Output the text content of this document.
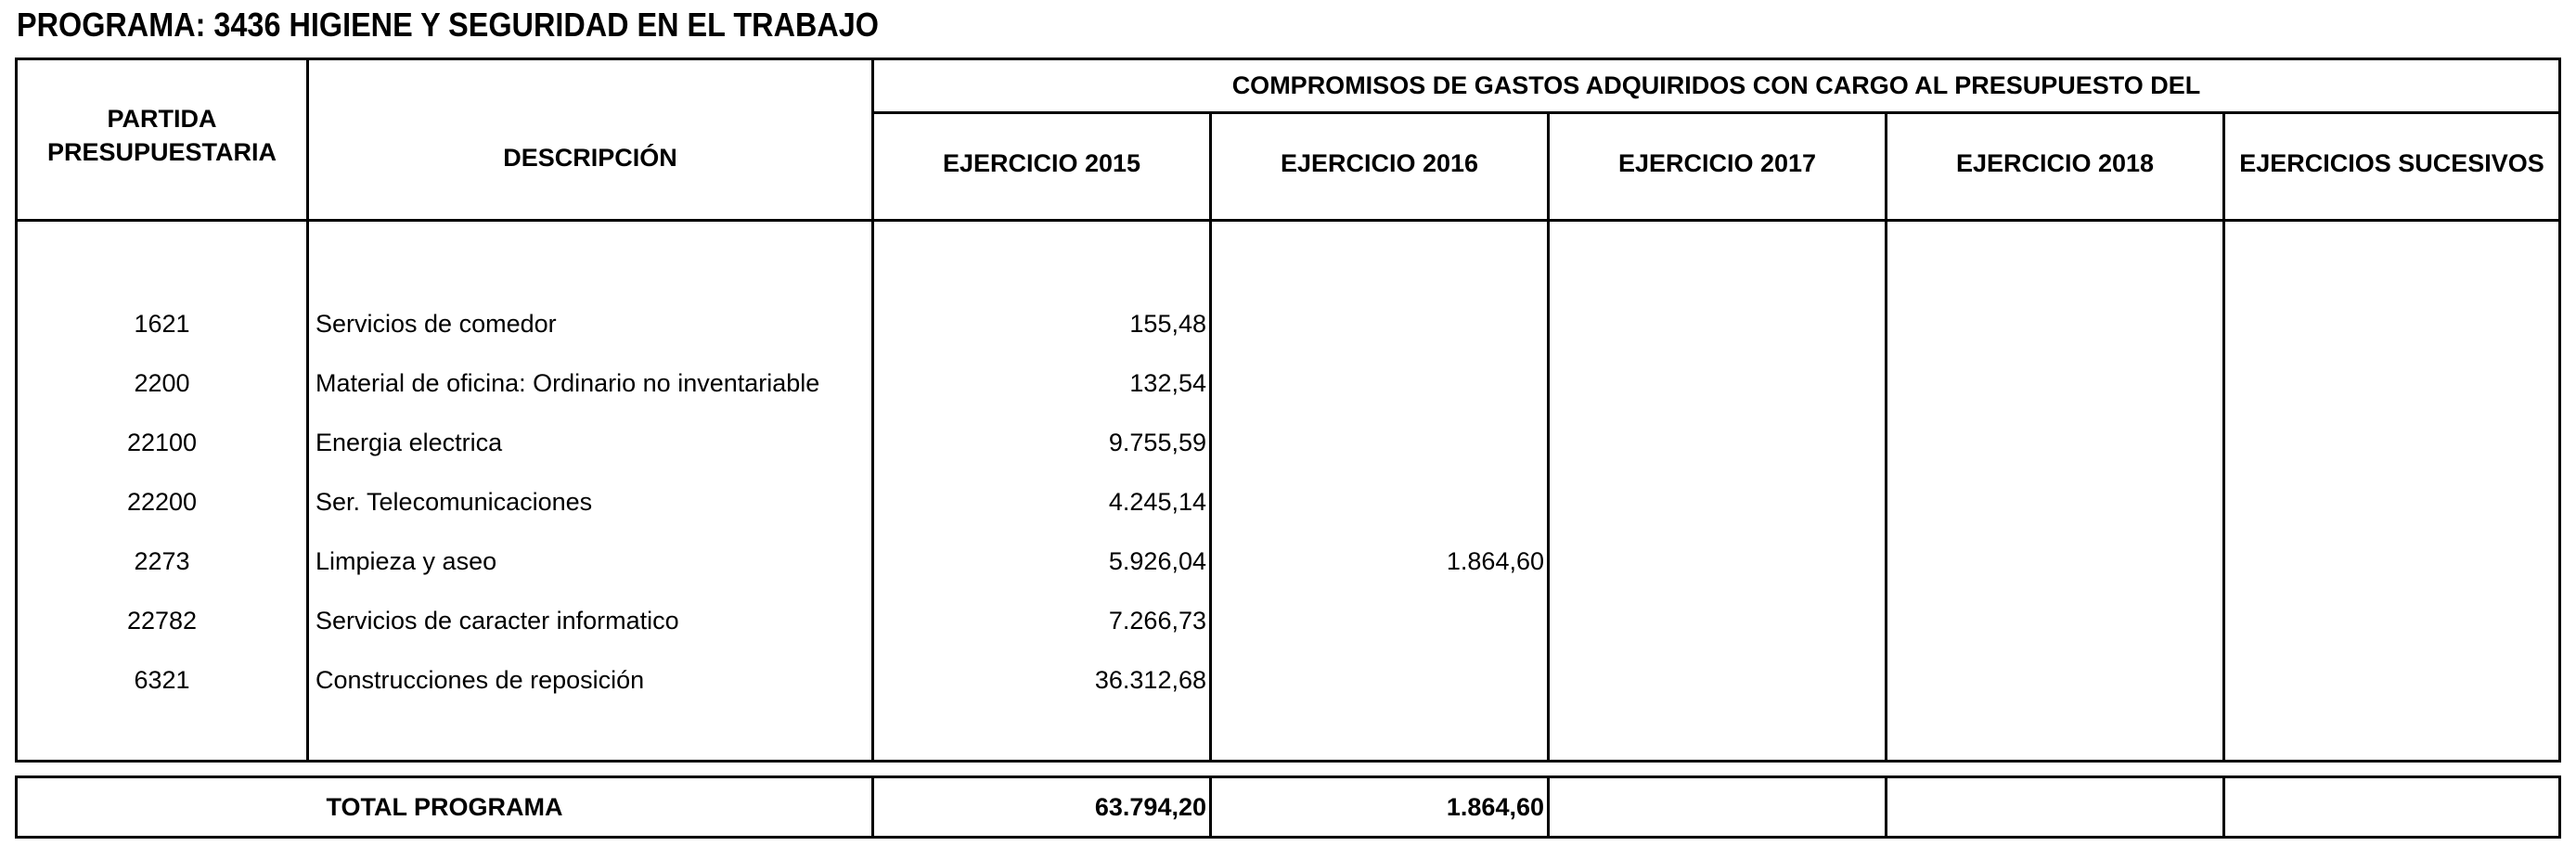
PROGRAMA: 3436 HIGIENE Y SEGURIDAD EN EL TRABAJO
PARTIDA
PRESUPUESTARIA	DESCRIPCIÓN
COMPROMISOS DE GASTOS ADQUIRIDOS CON CARGO AL PRESUPUESTO DEL
EJERCICIO 2015	EJERCICIO 2016	EJERCICIO 2017	EJERCICIO 2018	EJERCICIOS SUCESIVOS
1621	Servicios de comedor	155,48
2200	Material de oficina: Ordinario no inventariable	132,54
22100	Energia electrica	9.755,59
22200	Ser. Telecomunicaciones	4.245,14
2273	Limpieza y aseo	5.926,04	1.864,60
22782	Servicios de caracter informatico	7.266,73
6321	Construcciones de reposición	36.312,68
TOTAL PROGRAMA	63.794,20	1.864,60
